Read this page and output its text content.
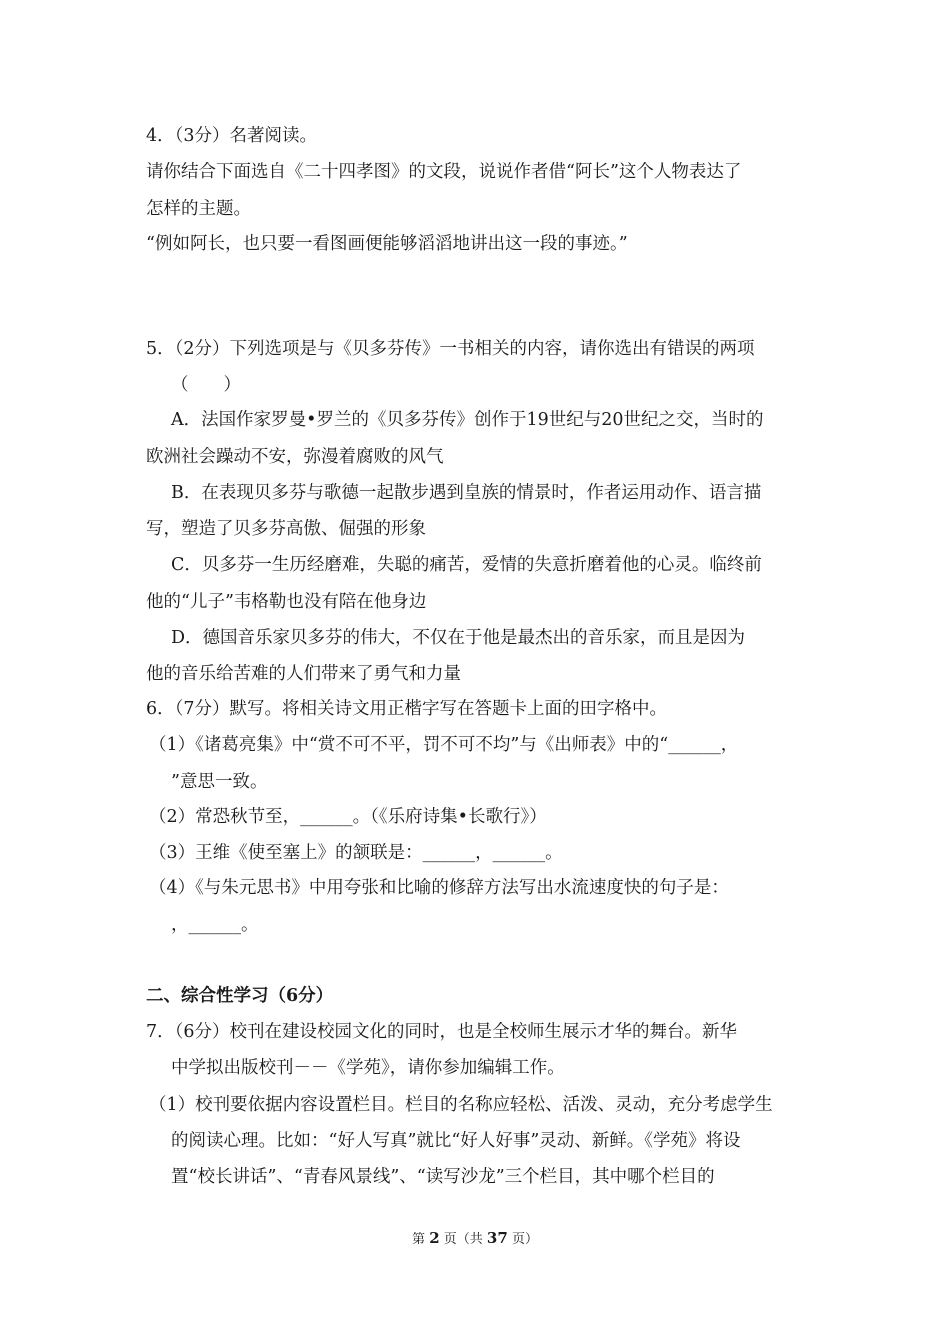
4．（3分）名著阅读。
请你结合下面选自《二十四孝图》的文段，说说作者借“阿长”这个人物表达了
怎样的主题。
“例如阿长，也只要一看图画便能够滔滔地讲出这一段的事迹。”
5．（2分）下列选项是与《贝多芬传》一书相关的内容，请你选出有错误的两项
（　　）
A．法国作家罗曼•罗兰的《贝多芬传》创作于19世纪与20世纪之交，当时的
欧洲社会躁动不安，弥漫着腐败的风气
B．在表现贝多芬与歌德一起散步遇到皇族的情景时，作者运用动作、语言描
写，塑造了贝多芬高傲、倔强的形象
C．贝多芬一生历经磨难，失聪的痛苦，爱情的失意折磨着他的心灵。临终前
他的“儿子”韦格勒也没有陪在他身边
D．德国音乐家贝多芬的伟大，不仅在于他是最杰出的音乐家，而且是因为
他的音乐给苦难的人们带来了勇气和力量
6．（7分）默写。将相关诗文用正楷字写在答题卡上面的田字格中。
（1）《诸葛亮集》中“赏不可不平，罚不可不均”与《出师表》中的“______，
”意思一致。
（2）常恐秋节至，______。（《乐府诗集•长歌行》）
（3）王维《使至塞上》的颔联是：______，______。
（4）《与朱元思书》中用夸张和比喻的修辞方法写出水流速度快的句子是：
，______。
二、综合性学习（6分）
7．（6分）校刊在建设校园文化的同时，也是全校师生展示才华的舞台。新华
中学拟出版校刊－－《学苑》，请你参加编辑工作。
（1）校刊要依据内容设置栏目。栏目的名称应轻松、活泼、灵动，充分考虑学生
的阅读心理。比如：“好人写真”就比“好人好事”灵动、新鲜。《学苑》将设
置“校长讲话”、“青春风景线”、“读写沙龙”三个栏目，其中哪个栏目的
第 2 页（共 37 页）
